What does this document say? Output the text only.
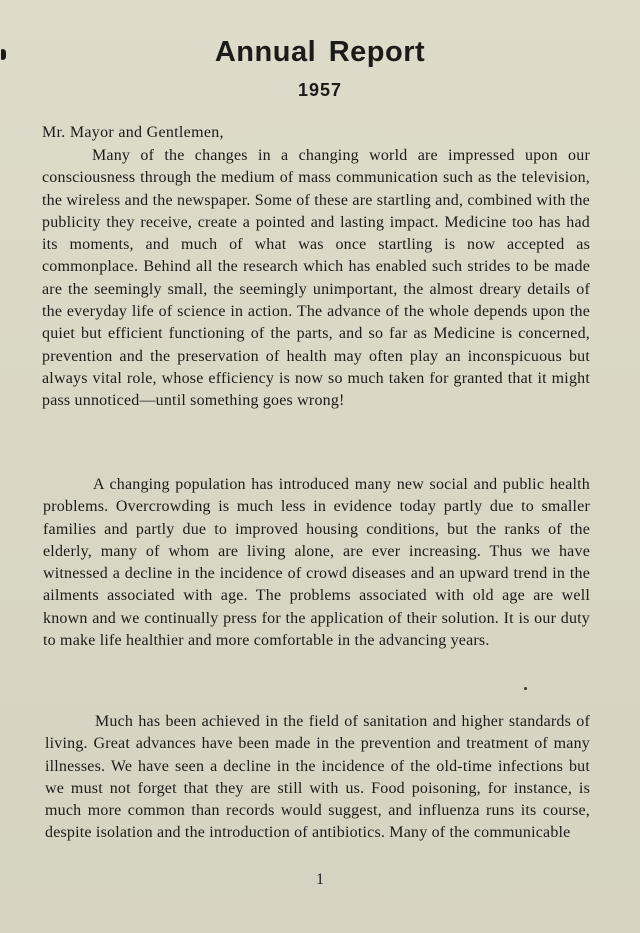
Annual Report
1957
Mr. Mayor and Gentlemen,

Many of the changes in a changing world are impressed upon our consciousness through the medium of mass communication such as the television, the wireless and the newspaper. Some of these are startling and, combined with the publicity they receive, create a pointed and lasting impact. Medicine too has had its moments, and much of what was once startling is now accepted as commonplace. Behind all the research which has enabled such strides to be made are the seemingly small, the seemingly unimportant, the almost dreary details of the everyday life of science in action. The advance of the whole depends upon the quiet but efficient functioning of the parts, and so far as Medicine is concerned, prevention and the preservation of health may often play an inconspicuous but always vital role, whose efficiency is now so much taken for granted that it might pass unnoticed—until something goes wrong!

A changing population has introduced many new social and public health problems. Overcrowding is much less in evidence today partly due to smaller families and partly due to improved housing conditions, but the ranks of the elderly, many of whom are living alone, are ever increasing. Thus we have witnessed a decline in the incidence of crowd diseases and an upward trend in the ailments associated with age. The problems associated with old age are well known and we continually press for the application of their solution. It is our duty to make life healthier and more comfortable in the advancing years.

Much has been achieved in the field of sanitation and higher standards of living. Great advances have been made in the prevention and treatment of many illnesses. We have seen a decline in the incidence of the old-time infections but we must not forget that they are still with us. Food poisoning, for instance, is much more common than records would suggest, and influenza runs its course, despite isolation and the introduction of antibiotics. Many of the communicable

1
